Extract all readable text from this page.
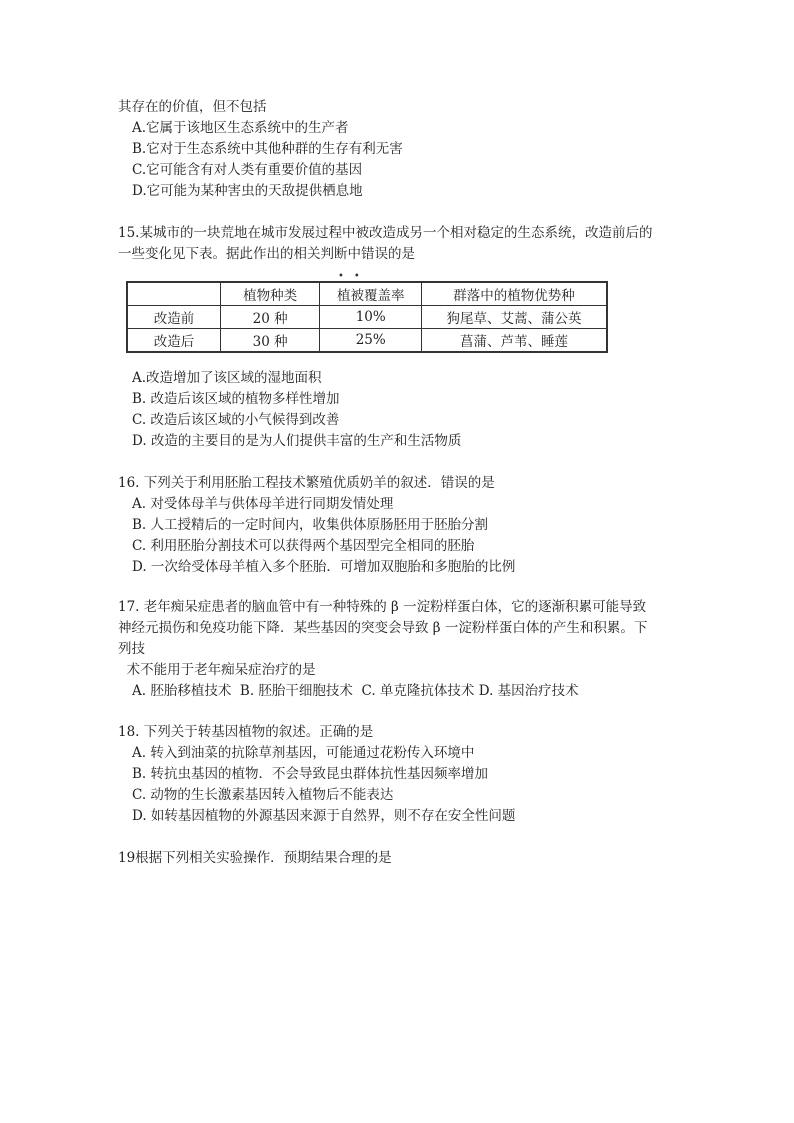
其存在的价值，但不包括
A.它属于该地区生态系统中的生产者
B.它对于生态系统中其他种群的生存有利无害
C.它可能含有对人类有重要价值的基因
D.它可能为某种害虫的天敌提供栖息地
15.某城市的一块荒地在城市发展过程中被改造成另一个相对稳定的生态系统，改造前后的
一些变化见下表。据此作出的相关判断中错误的是
••
	植物种类	植被覆盖率	群落中的植物优势种
改造前	20 种	10%	狗尾草、艾蒿、蒲公英
改造后	30 种	25%	菖蒲、芦苇、睡莲
A.改造增加了该区域的湿地面积
B. 改造后该区域的植物多样性增加
C. 改造后该区域的小气候得到改善
D. 改造的主要目的是为人们提供丰富的生产和生活物质
16. 下列关于利用胚胎工程技术繁殖优质奶羊的叙述．错误的是
A. 对受体母羊与供体母羊进行同期发情处理
B. 人工授精后的一定时间内，收集供体原肠胚用于胚胎分割
C. 利用胚胎分割技术可以获得两个基因型完全相同的胚胎
D. 一次给受体母羊植入多个胚胎．可增加双胞胎和多胞胎的比例
17. 老年痴呆症患者的脑血管中有一种特殊的 β 一淀粉样蛋白体，它的逐渐积累可能导致
神经元损伤和免疫功能下降．某些基因的突变会导致 β 一淀粉样蛋白体的产生和积累。下
列技
术不能用于老年痴呆症治疗的是
A. 胚胎移植技术  B. 胚胎干细胞技术  C. 单克隆抗体技术 D. 基因治疗技术
18. 下列关于转基因植物的叙述。正确的是
A. 转入到油菜的抗除草剂基因，可能通过花粉传入环境中
B. 转抗虫基因的植物．不会导致昆虫群体抗性基因频率增加
C. 动物的生长激素基因转入植物后不能表达
D. 如转基因植物的外源基因来源于自然界，则不存在安全性问题
19根据下列相关实验操作．预期结果合理的是
